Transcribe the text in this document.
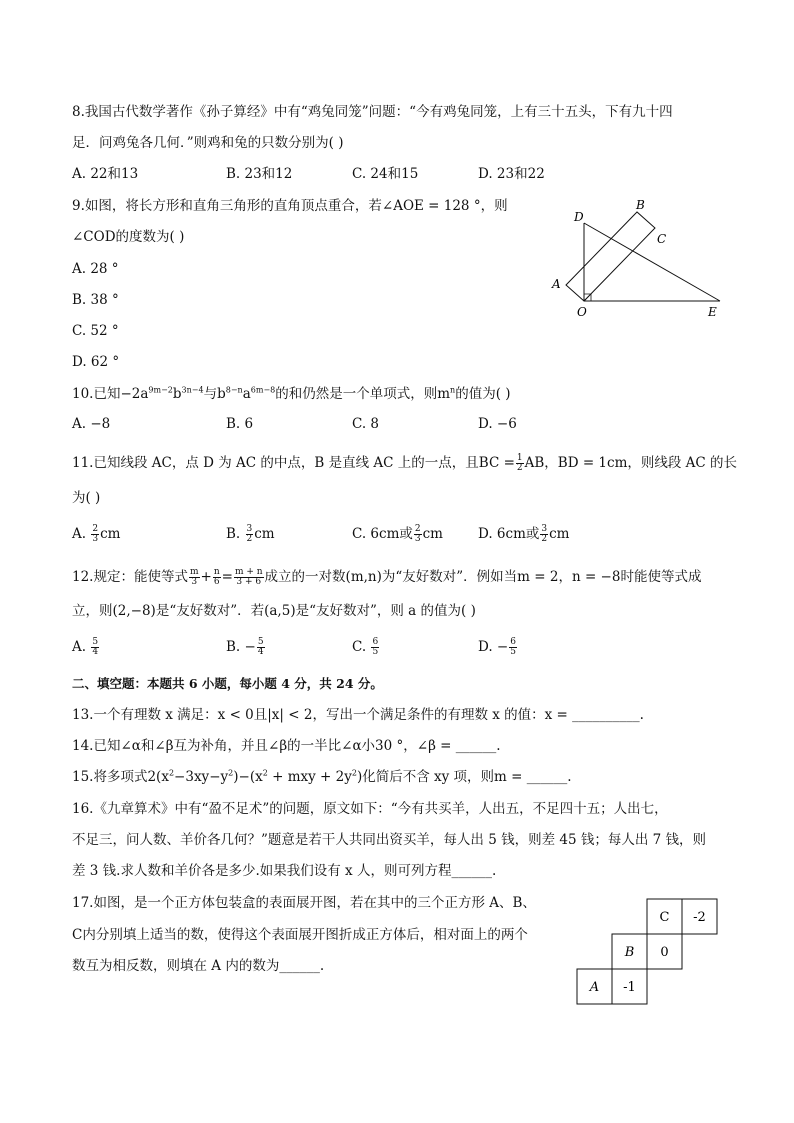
8.我国古代数学著作《孙子算经》中有“鸡兔同笼”问题：“今有鸡兔同笼，上有三十五头，下有九十四
足．问鸡兔各几何．”则鸡和兔的只数分别为( )
A. 22和13	B. 23和12	C. 24和15	D. 23和22
9.如图，将长方形和直角三角形的直角顶点重合，若∠AOE = 128 °，则
∠COD的度数为( )
A. 28 °
B. 38 °
C. 52 °
D. 62 °
D
B
C
A
O	E
10.已知$-2a^{9m-2}b^{3n-4}$与$b^{8-n}a^{6m-8}$的和仍然是一个单项式，则$m^n$的值为( )
A. −8	B. 6	C. 8	D. −6
11.已知线段 AC，点 D 为 AC 的中点，B 是直线 AC 上的一点，且BC = $\frac{1}{2}$ AB，BD = 1cm，则线段 AC 的长
为( )
A. $\frac{2}{3}$ cm	B. $\frac{3}{2}$ cm	C. 6cm或 $\frac{2}{3}$ cm	D. 6cm或 $\frac{3}{2}$ cm
12.规定：能使等式 $\frac{m}{3} + \frac{n}{6} = \frac{m + n}{3 + 6}$ 成立的一对数(m,n)为“友好数对”．例如当m = 2，n = −8时能使等式成
立，则(2,−8)是“友好数对”．若(a,5)是“友好数对”，则 a 的值为( )
A. $\frac{5}{4}$	B. − $\frac{5}{4}$	C. $\frac{6}{5}$	D. − $\frac{6}{5}$
二、填空题：本题共 6 小题，每小题 4 分，共 24 分。
13.一个有理数 x 满足：x < 0且|x| < 2，写出一个满足条件的有理数 x 的值：x = __________.
14.已知∠α和∠β互为补角，并且∠β的一半比∠α小30 °，∠β = ______.
15.将多项式$2(x^2-3xy-y^2)-(x^2$ + mxy + $2y^2$)化简后不含 xy 项，则m = ______.
16.《九章算术》中有“盈不足术”的问题，原文如下：“今有共买羊，人出五，不足四十五；人出七，
不足三，问人数、羊价各几何？”题意是若干人共同出资买羊，每人出 5 钱，则差 45 钱；每人出 7 钱，则
差 3 钱.求人数和羊价各是多少.如果我们设有 x 人，则可列方程______.
17.如图，是一个正方体包装盒的表面展开图，若在其中的三个正方形 A、B、
C内分别填上适当的数，使得这个表面展开图折成正方体后，相对面上的两个
数互为相反数，则填在 A 内的数为______.
C -2
B 0
A -1
